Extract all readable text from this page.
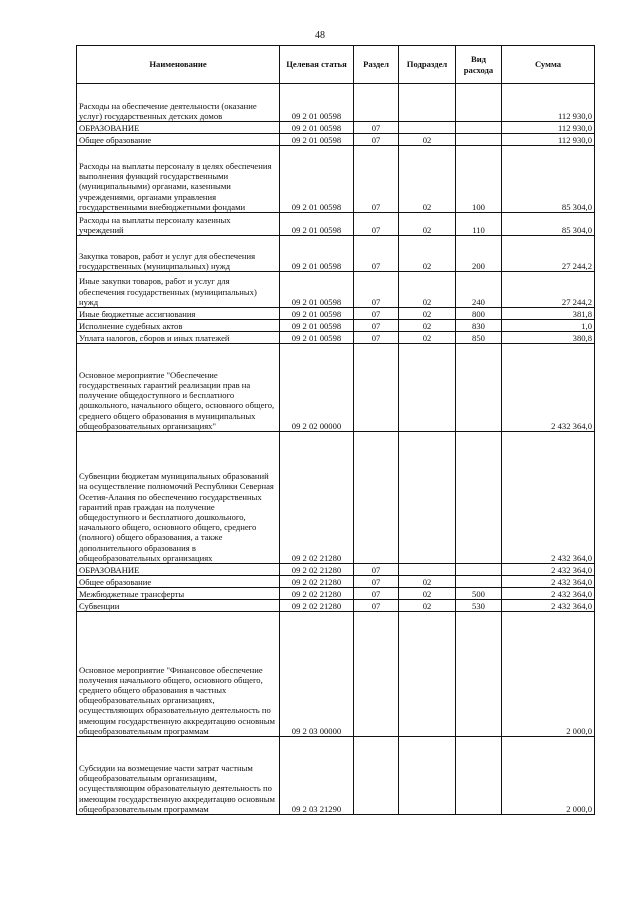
48
Наименование	Целевая статья	Раздел	Подраздел	Вид расхода	Сумма
Расходы на обеспечение деятельности (оказание услуг) государственных детских домов	09 2 01 00598				112 930,0
ОБРАЗОВАНИЕ	09 2 01 00598	07			112 930,0
Общее образование	09 2 01 00598	07	02		112 930,0
Расходы на выплаты персоналу в целях обеспечения выполнения функций государственными (муниципальными) органами, казенными учреждениями, органами управления государственными внебюджетными фондами	09 2 01 00598	07	02	100	85 304,0
Расходы на выплаты персоналу казенных учреждений	09 2 01 00598	07	02	110	85 304,0
Закупка товаров, работ и услуг для обеспечения государственных (муниципальных) нужд	09 2 01 00598	07	02	200	27 244,2
Иные закупки товаров, работ и услуг для обеспечения государственных (муниципальных) нужд	09 2 01 00598	07	02	240	27 244,2
Иные бюджетные ассигнования	09 2 01 00598	07	02	800	381,8
Исполнение судебных актов	09 2 01 00598	07	02	830	1,0
Уплата налогов, сборов и иных платежей	09 2 01 00598	07	02	850	380,8
Основное мероприятие "Обеспечение государственных гарантий реализации прав на получение общедоступного и бесплатного дошкольного, начального общего, основного общего, среднего общего образования в муниципальных общеобразовательных организациях"	09 2 02 00000				2 432 364,0
Субвенции бюджетам муниципальных образований на осуществление полномочий Республики Северная Осетия-Алания по обеспечению государственных гарантий прав граждан на получение общедоступного и бесплатного дошкольного, начального общего, основного общего, среднего (полного) общего образования, а также дополнительного образования в общеобразовательных организациях	09 2 02 21280				2 432 364,0
ОБРАЗОВАНИЕ	09 2 02 21280	07			2 432 364,0
Общее образование	09 2 02 21280	07	02		2 432 364,0
Межбюджетные трансферты	09 2 02 21280	07	02	500	2 432 364,0
Субвенции	09 2 02 21280	07	02	530	2 432 364,0
Основное мероприятие "Финансовое обеспечение получения начального общего, основного общего, среднего общего образования в частных общеобразовательных организациях, осуществляющих образовательную деятельность по имеющим государственную аккредитацию основным общеобразовательным программам	09 2 03 00000				2 000,0
Субсидии на возмещение части затрат частным общеобразовательным организациям, осуществляющим образовательную деятельность по имеющим государственную аккредитацию основным общеобразовательным программам	09 2 03 21290				2 000,0
